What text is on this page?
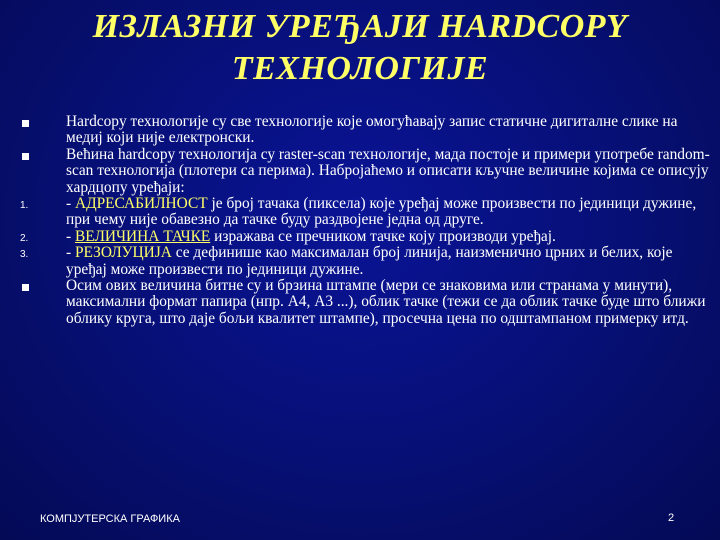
ИЗЛАЗНИ УРЕЂАЈИ HARDCOPY
ТЕХНОЛОГИЈЕ
Hardcopy технологије су све технологије које омогућавају запис статичне дигиталне слике на медиј који није електронски.
Већина hardcopy технологија су raster-scan технологије, мада постоје и примери употребе random-scan технологија (плотери са перима). Набројаћемо и описати кључне величине којима се описују хардцопу уређаји:
1.	- АДРЕСАБИЛНОСТ је број тачака (пиксела) које уређај може произвести по јединици дужине, при чему није обавезно да тачке буду раздвојене једна од друге.
2.	- ВЕЛИЧИНА ТАЧКЕ изражава се пречником тачке коју производи уређај.
3.	- РЕЗОЛУЦИЈА се дефинише као максималан број линија, наизменично црних и белих, које уређај може произвести по јединици дужине.
Осим ових величина битне су и брзина штампе (мери се знаковима или странама у минути), максимални формат папира (нпр. А4, А3 ...), облик тачке (тежи се да облик тачке буде што ближи облику круга, што даје бољи квалитет штампе), просечна цена по одштампаном примерку итд.
КОМПЈУТЕРСКА ГРАФИКА	2
